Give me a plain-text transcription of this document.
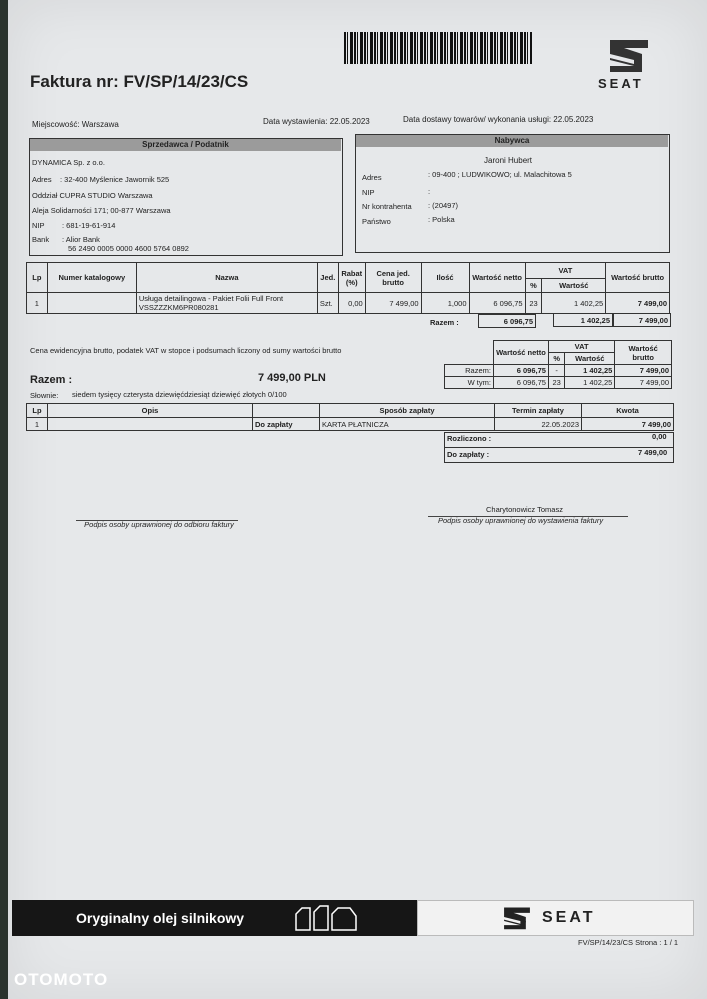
SEAT
Faktura nr: FV/SP/14/23/CS
Miejscowość: Warszawa	Data wystawienia: 22.05.2023	Data dostawy towarów/ wykonania usługi: 22.05.2023
Sprzedawca / Podatnik
DYNAMICA Sp. z o.o.
Adres : 32-400 Myślenice Jawornik 525
Oddział CUPRA STUDIO Warszawa
Aleja Solidarności 171; 00-877 Warszawa
NIP : 681-19-61-914
Bank : Alior Bank
56 2490 0005 0000 4600 5764 0892
Nabywca
Jaroni Hubert
Adres	: 09-400 ; LUDWIKOWO; ul. Malachitowa 5
NIP	:
Nr kontrahenta : (20497)
Państwo	: Polska
Lp	Numer katalogowy	Nazwa	Jed.	Rabat (%)	Cena jed. brutto	Ilość	Wartość netto	VAT		Wartość brutto
								%	Wartość	
1		Usługa detailingowa - Pakiet Folii Full Front
VSSZZZKM6PR080281	Szt.	0,00	7 499,00	1,000	6 096,75	23	1 402,25	7 499,00
Razem :	6 096,75	1 402,25	7 499,00
Cena ewidencyjna brutto, podatek VAT w stopce i podsumach liczony od sumy wartości brutto
		Wartość netto	VAT		Wartość brutto
		%	Wartość	
Razem:	6 096,75	-	1 402,25	7 499,00
W tym:	6 096,75	23	1 402,25	7 499,00
Razem :	7 499,00 PLN
Słownie: siedem tysięcy czterysta dziewięćdziesiąt dziewięć złotych 0/100
Lp	Opis		Sposób zapłaty	Termin zapłaty	Kwota
1		Do zapłaty	KARTA PŁATNICZA	22.05.2023	7 499,00
Rozliczono :	0,00
Do zapłaty :	7 499,00
Podpis osoby uprawnionej do odbioru faktury
Charytonowicz Tomasz
Podpis osoby uprawnionej do wystawienia faktury
Oryginalny olej silnikowy	SEAT
FV/SP/14/23/CS Strona : 1 / 1
OTOMOTO
